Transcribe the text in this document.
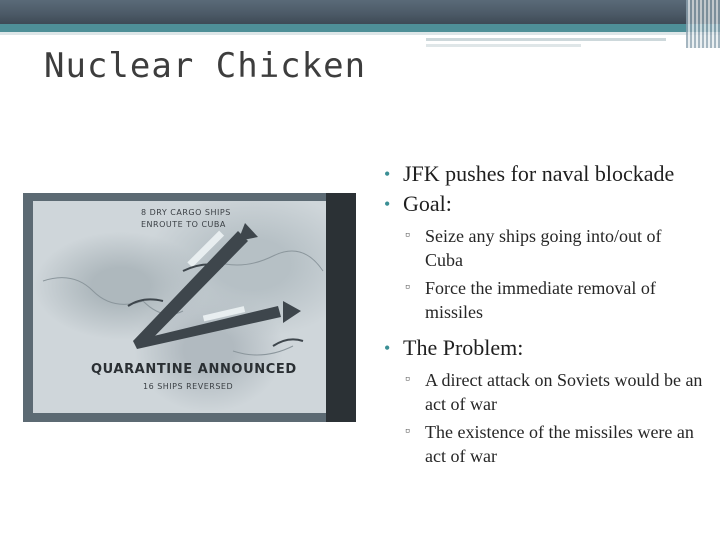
Nuclear Chicken
8 DRY CARGO SHIPS
ENROUTE TO CUBA
QUARANTINE ANNOUNCED
16 SHIPS REVERSED
• JFK pushes for naval blockade
• Goal:
▫ Seize any ships going into/out of Cuba
▫ Force the immediate removal of missiles
• The Problem:
▫ A direct attack on Soviets would be an act of war
▫ The existence of the missiles were an act of war
